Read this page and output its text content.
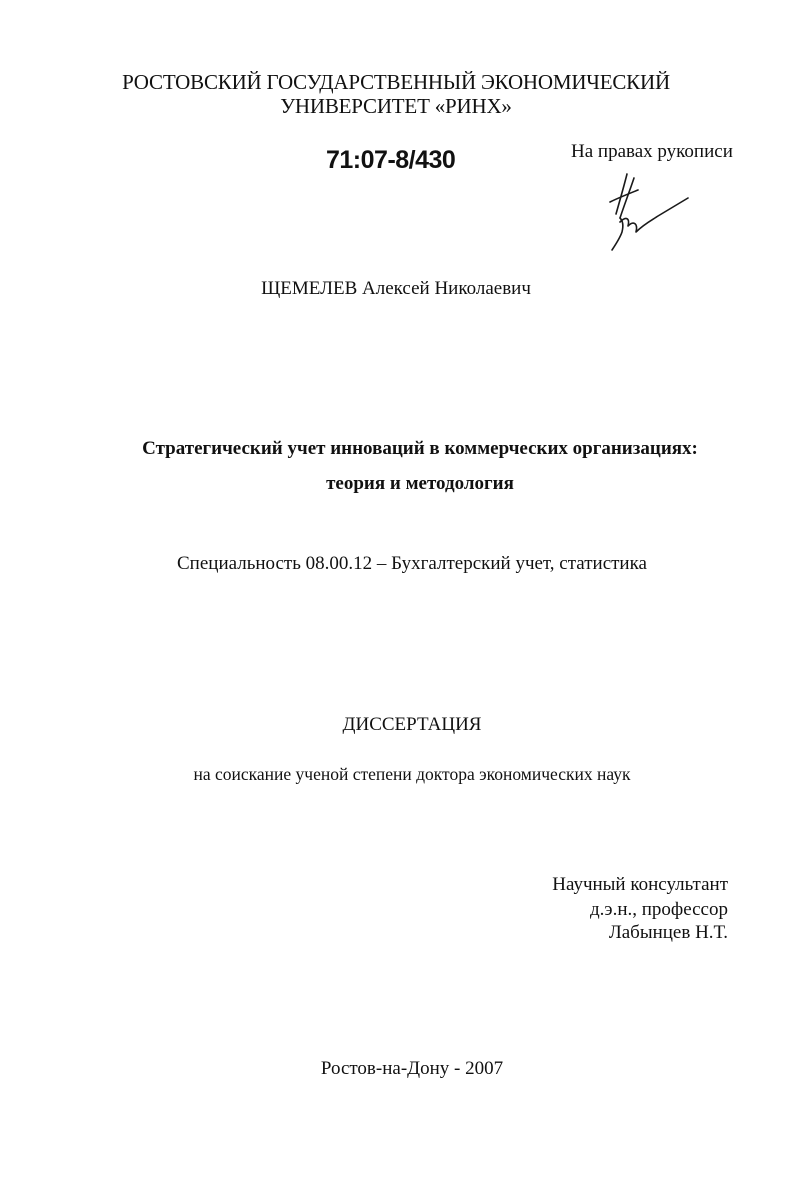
РОСТОВСКИЙ ГОСУДАРСТВЕННЫЙ ЭКОНОМИЧЕСКИЙ

УНИВЕРСИТЕТ «РИНХ»

71:07-8/430	На правах рукописи

ЩЕМЕЛЕВ Алексей Николаевич

Стратегический учет инноваций в коммерческих организациях:

теория и методология

Специальность 08.00.12 – Бухгалтерский учет, статистика

ДИССЕРТАЦИЯ

на соискание ученой степени доктора экономических наук

Научный консультант

д.э.н., профессор

Лабынцев Н.Т.

Ростов-на-Дону - 2007
